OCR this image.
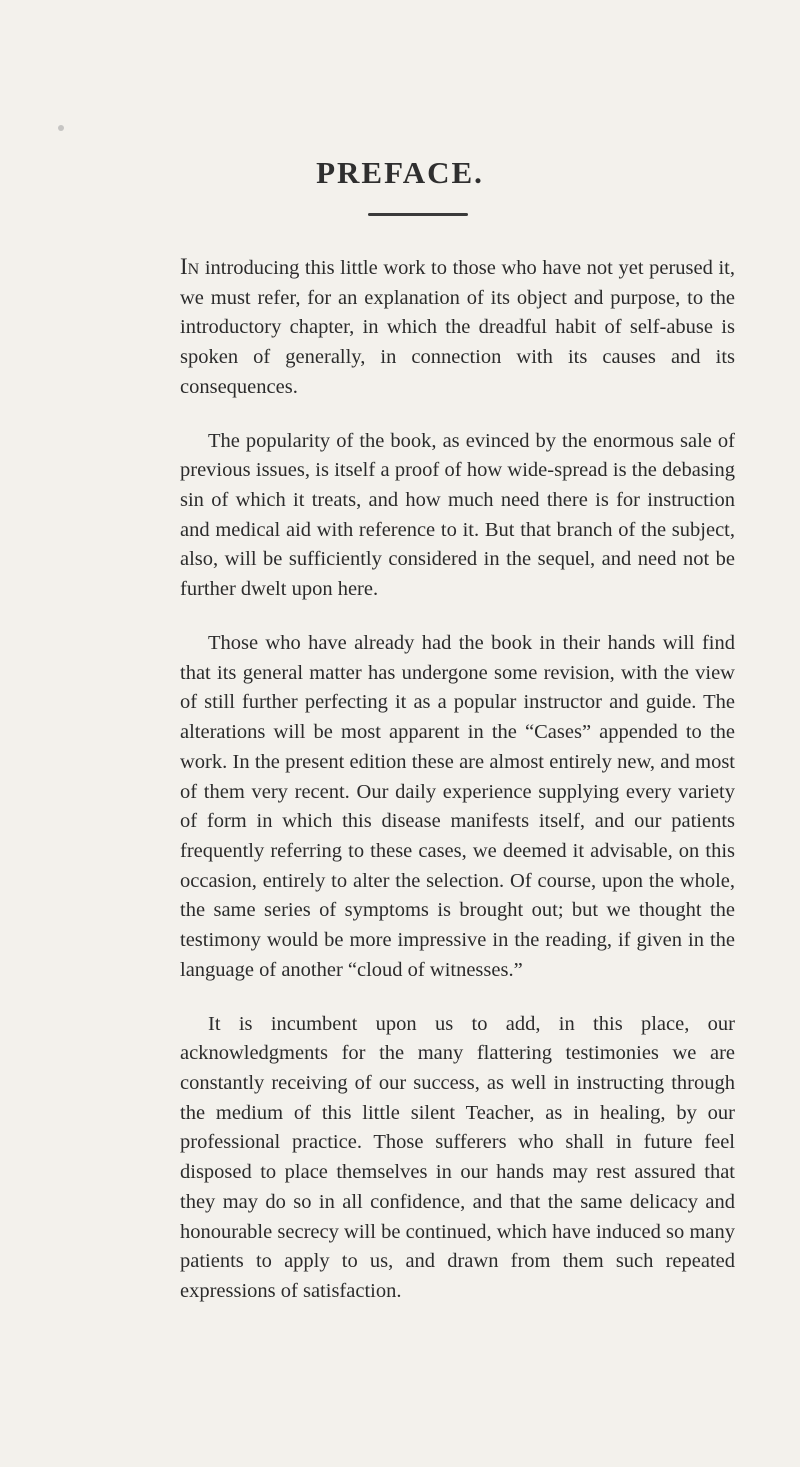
PREFACE.

In introducing this little work to those who have not yet perused it, we must refer, for an explanation of its object and purpose, to the introductory chapter, in which the dreadful habit of self-abuse is spoken of generally, in connection with its causes and its consequences.

The popularity of the book, as evinced by the enormous sale of previous issues, is itself a proof of how wide-spread is the debasing sin of which it treats, and how much need there is for instruction and medical aid with reference to it. But that branch of the subject, also, will be sufficiently considered in the sequel, and need not be further dwelt upon here.

Those who have already had the book in their hands will find that its general matter has undergone some revision, with the view of still further perfecting it as a popular instructor and guide. The alterations will be most apparent in the “Cases” appended to the work. In the present edition these are almost entirely new, and most of them very recent. Our daily experience supplying every variety of form in which this disease manifests itself, and our patients frequently referring to these cases, we deemed it advisable, on this occasion, entirely to alter the selection. Of course, upon the whole, the same series of symptoms is brought out; but we thought the testimony would be more impressive in the reading, if given in the language of another “cloud of witnesses.”

It is incumbent upon us to add, in this place, our acknowledgments for the many flattering testimonies we are constantly receiving of our success, as well in instructing through the medium of this little silent Teacher, as in healing, by our professional practice. Those sufferers who shall in future feel disposed to place themselves in our hands may rest assured that they may do so in all confidence, and that the same delicacy and honourable secrecy will be continued, which have induced so many patients to apply to us, and drawn from them such repeated expressions of satisfaction.
